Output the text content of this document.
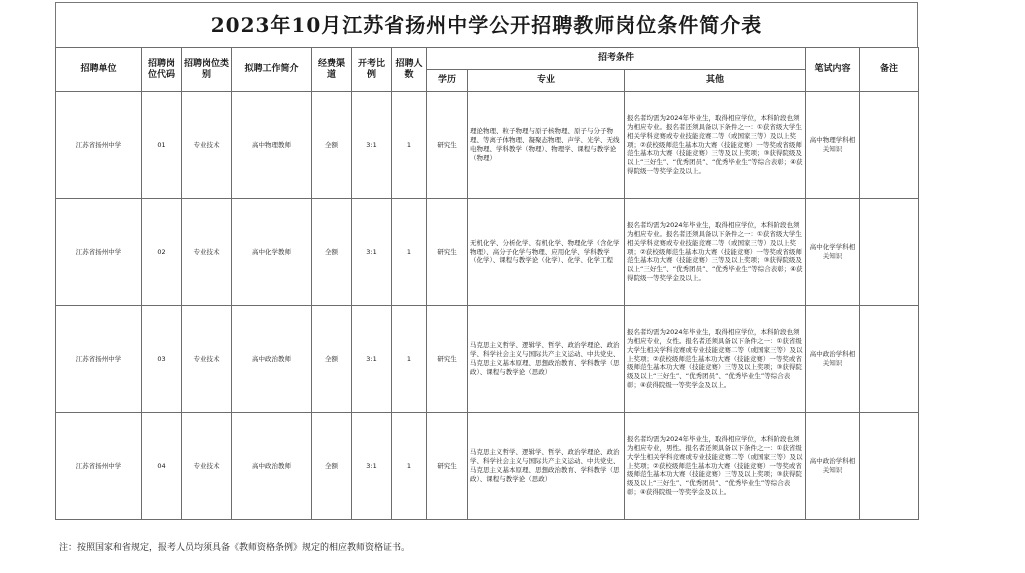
2023年10月江苏省扬州中学公开招聘教师岗位条件简介表
招聘单位	招聘岗位代码	招聘岗位类别	拟聘工作简介	经费渠道	开考比例	招聘人数	招考条件			笔试内容	备注
							学历	专业	其他		
江苏省扬州中学	01	专业技术	高中物理教师	全额	3:1	1	研究生	理论物理、粒子物理与原子核物理、原子与分子物理、等离子体物理、凝聚态物理、声学、光学、无线电物理、学科教学（物理）、物理学、课程与教学论（物理）	报名者均需为2024年毕业生，取得相应学位，本科阶段也须为相应专业。报名者还须具备以下条件之一：①获省级大学生相关学科竞赛或专业技能竞赛二等（或国家三等）及以上奖项；②获校级师范生基本功大赛（技能竞赛）一等奖或省级师范生基本功大赛（技能竞赛）三等及以上奖项；③获得院级及以上“三好生”、“优秀团员”、“优秀毕业生”等综合表彰；④获得院级一等奖学金及以上。	高中物理学科相关知识	
江苏省扬州中学	02	专业技术	高中化学教师	全额	3:1	1	研究生	无机化学、分析化学、有机化学、物理化学（含化学物理）、高分子化学与物理、应用化学、学科教学（化学）、课程与教学论（化学）、化学、化学工程	报名者均需为2024年毕业生，取得相应学位，本科阶段也须为相应专业。报名者还须具备以下条件之一：①获省级大学生相关学科竞赛或专业技能竞赛二等（或国家三等）及以上奖项；②获校级师范生基本功大赛（技能竞赛）一等奖或省级师范生基本功大赛（技能竞赛）三等及以上奖项；③获得院级及以上“三好生”、“优秀团员”、“优秀毕业生”等综合表彰；④获得院级一等奖学金及以上。	高中化学学科相关知识	
江苏省扬州中学	03	专业技术	高中政治教师	全额	3:1	1	研究生	马克思主义哲学、逻辑学、哲学、政治学理论、政治学、科学社会主义与国际共产主义运动、中共党史、马克思主义基本原理、思想政治教育、学科教学（思政）、课程与教学论（思政）	报名者均需为2024年毕业生，取得相应学位，本科阶段也须为相应专业，女性。报名者还须具备以下条件之一：①获省级大学生相关学科竞赛或专业技能竞赛二等（或国家三等）及以上奖项；②获校级师范生基本功大赛（技能竞赛）一等奖或省级师范生基本功大赛（技能竞赛）三等及以上奖项；③获得院级及以上“三好生”、“优秀团员”、“优秀毕业生”等综合表彰；④获得院级一等奖学金及以上。	高中政治学科相关知识	
江苏省扬州中学	04	专业技术	高中政治教师	全额	3:1	1	研究生	马克思主义哲学、逻辑学、哲学、政治学理论、政治学、科学社会主义与国际共产主义运动、中共党史、马克思主义基本原理、思想政治教育、学科教学（思政）、课程与教学论（思政）	报名者均需为2024年毕业生，取得相应学位，本科阶段也须为相应专业，男性。报名者还须具备以下条件之一：①获省级大学生相关学科竞赛或专业技能竞赛二等（或国家三等）及以上奖项；②获校级师范生基本功大赛（技能竞赛）一等奖或省级师范生基本功大赛（技能竞赛）三等及以上奖项；③获得院级及以上“三好生”、“优秀团员”、“优秀毕业生”等综合表彰；④获得院级一等奖学金及以上。	高中政治学科相关知识	
注：按照国家和省规定，报考人员均须具备《教师资格条例》规定的相应教师资格证书。
